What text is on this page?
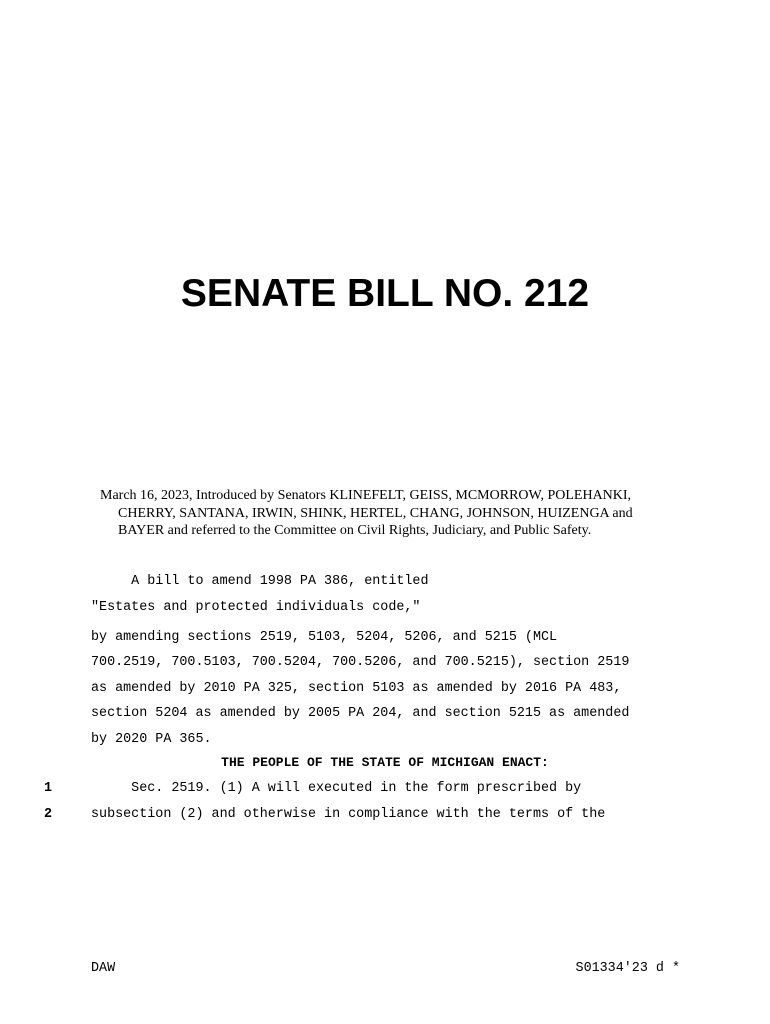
SENATE BILL NO. 212
March 16, 2023, Introduced by Senators KLINEFELT, GEISS, MCMORROW, POLEHANKI,
CHERRY, SANTANA, IRWIN, SHINK, HERTEL, CHANG, JOHNSON, HUIZENGA and
BAYER and referred to the Committee on Civil Rights, Judiciary, and Public Safety.
A bill to amend 1998 PA 386, entitled
"Estates and protected individuals code,"
by amending sections 2519, 5103, 5204, 5206, and 5215 (MCL
700.2519, 700.5103, 700.5204, 700.5206, and 700.5215), section 2519
as amended by 2010 PA 325, section 5103 as amended by 2016 PA 483,
section 5204 as amended by 2005 PA 204, and section 5215 as amended
by 2020 PA 365.
THE PEOPLE OF THE STATE OF MICHIGAN ENACT:
1	Sec. 2519. (1) A will executed in the form prescribed by
2	subsection (2) and otherwise in compliance with the terms of the
DAW	S01334'23 d *
